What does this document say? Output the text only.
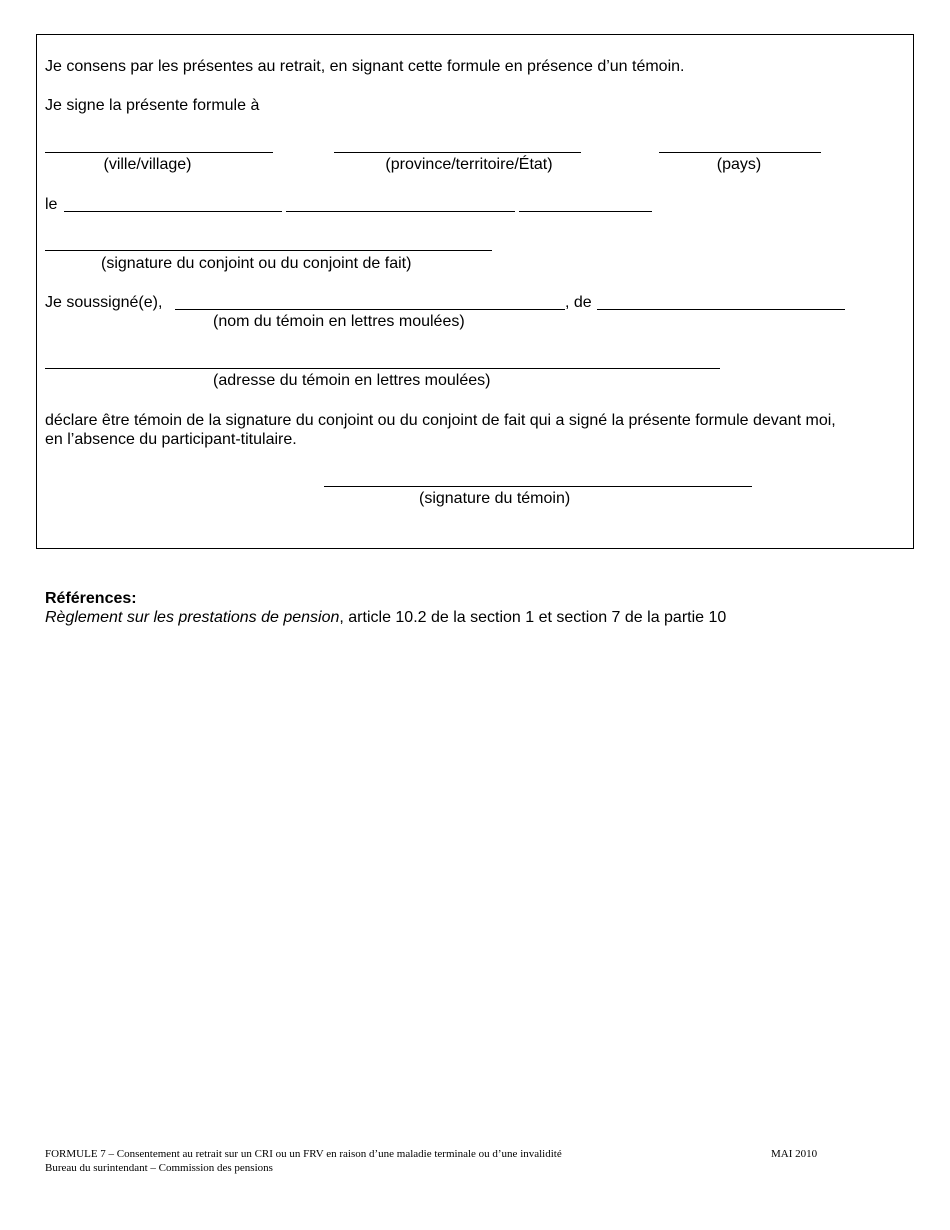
Je consens par les présentes au retrait, en signant cette formule en présence d’un témoin.
Je signe la présente formule à
(ville/village)	(province/territoire/État)	(pays)
le
(signature du conjoint ou du conjoint de fait)
Je soussigné(e),	, de
(nom du témoin en lettres moulées)
(adresse du témoin en lettres moulées)
déclare être témoin de la signature du conjoint ou du conjoint de fait qui a signé la présente formule devant moi,
en l’absence du participant-titulaire.
(signature du témoin)
Références:
Règlement sur les prestations de pension, article 10.2 de la section 1 et section 7 de la partie 10
FORMULE 7 – Consentement au retrait sur un CRI ou un FRV en raison d’une maladie terminale ou d’une invalidité
Bureau du surintendant – Commission des pensions
MAI 2010
